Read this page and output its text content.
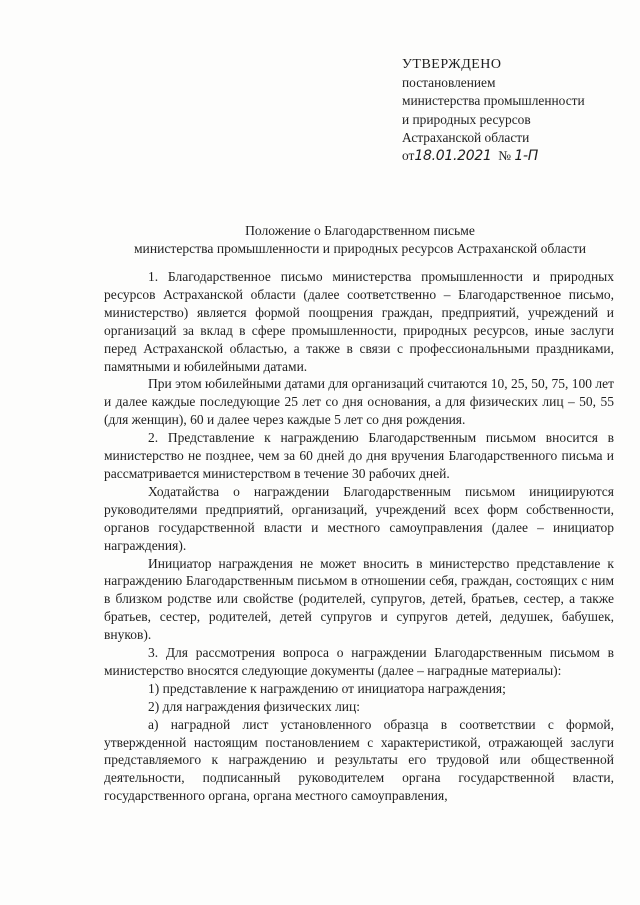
УТВЕРЖДЕНО
постановлением
министерства промышленности
и природных ресурсов
Астраханской области
от18.01.2021 № 1-П
Положение о Благодарственном письме
министерства промышленности и природных ресурсов Астраханской области

1. Благодарственное письмо министерства промышленности и природных ресурсов Астраханской области (далее соответственно – Благодарственное письмо, министерство) является формой поощрения граждан, предприятий, учреждений и организаций за вклад в сфере промышленности, природных ресурсов, иные заслуги перед Астраханской областью, а также в связи с профессиональными праздниками, памятными и юбилейными датами.

При этом юбилейными датами для организаций считаются 10, 25, 50, 75, 100 лет и далее каждые последующие 25 лет со дня основания, а для физических лиц – 50, 55 (для женщин), 60 и далее через каждые 5 лет со дня рождения.

2. Представление к награждению Благодарственным письмом вносится в министерство не позднее, чем за 60 дней до дня вручения Благодарственного письма и рассматривается министерством в течение 30 рабочих дней.

Ходатайства о награждении Благодарственным письмом инициируются руководителями предприятий, организаций, учреждений всех форм собственности, органов государственной власти и местного самоуправления (далее – инициатор награждения).

Инициатор награждения не может вносить в министерство представление к награждению Благодарственным письмом в отношении себя, граждан, состоящих с ним в близком родстве или свойстве (родителей, супругов, детей, братьев, сестер, а также братьев, сестер, родителей, детей супругов и супругов детей, дедушек, бабушек, внуков).

3. Для рассмотрения вопроса о награждении Благодарственным письмом в министерство вносятся следующие документы (далее – наградные материалы):

1) представление к награждению от инициатора награждения;

2) для награждения физических лиц:

а) наградной лист установленного образца в соответствии с формой, утвержденной настоящим постановлением с характеристикой, отражающей заслуги представляемого к награждению и результаты его трудовой или общественной деятельности, подписанный руководителем органа государственной власти, государственного органа, органа местного самоуправления,
